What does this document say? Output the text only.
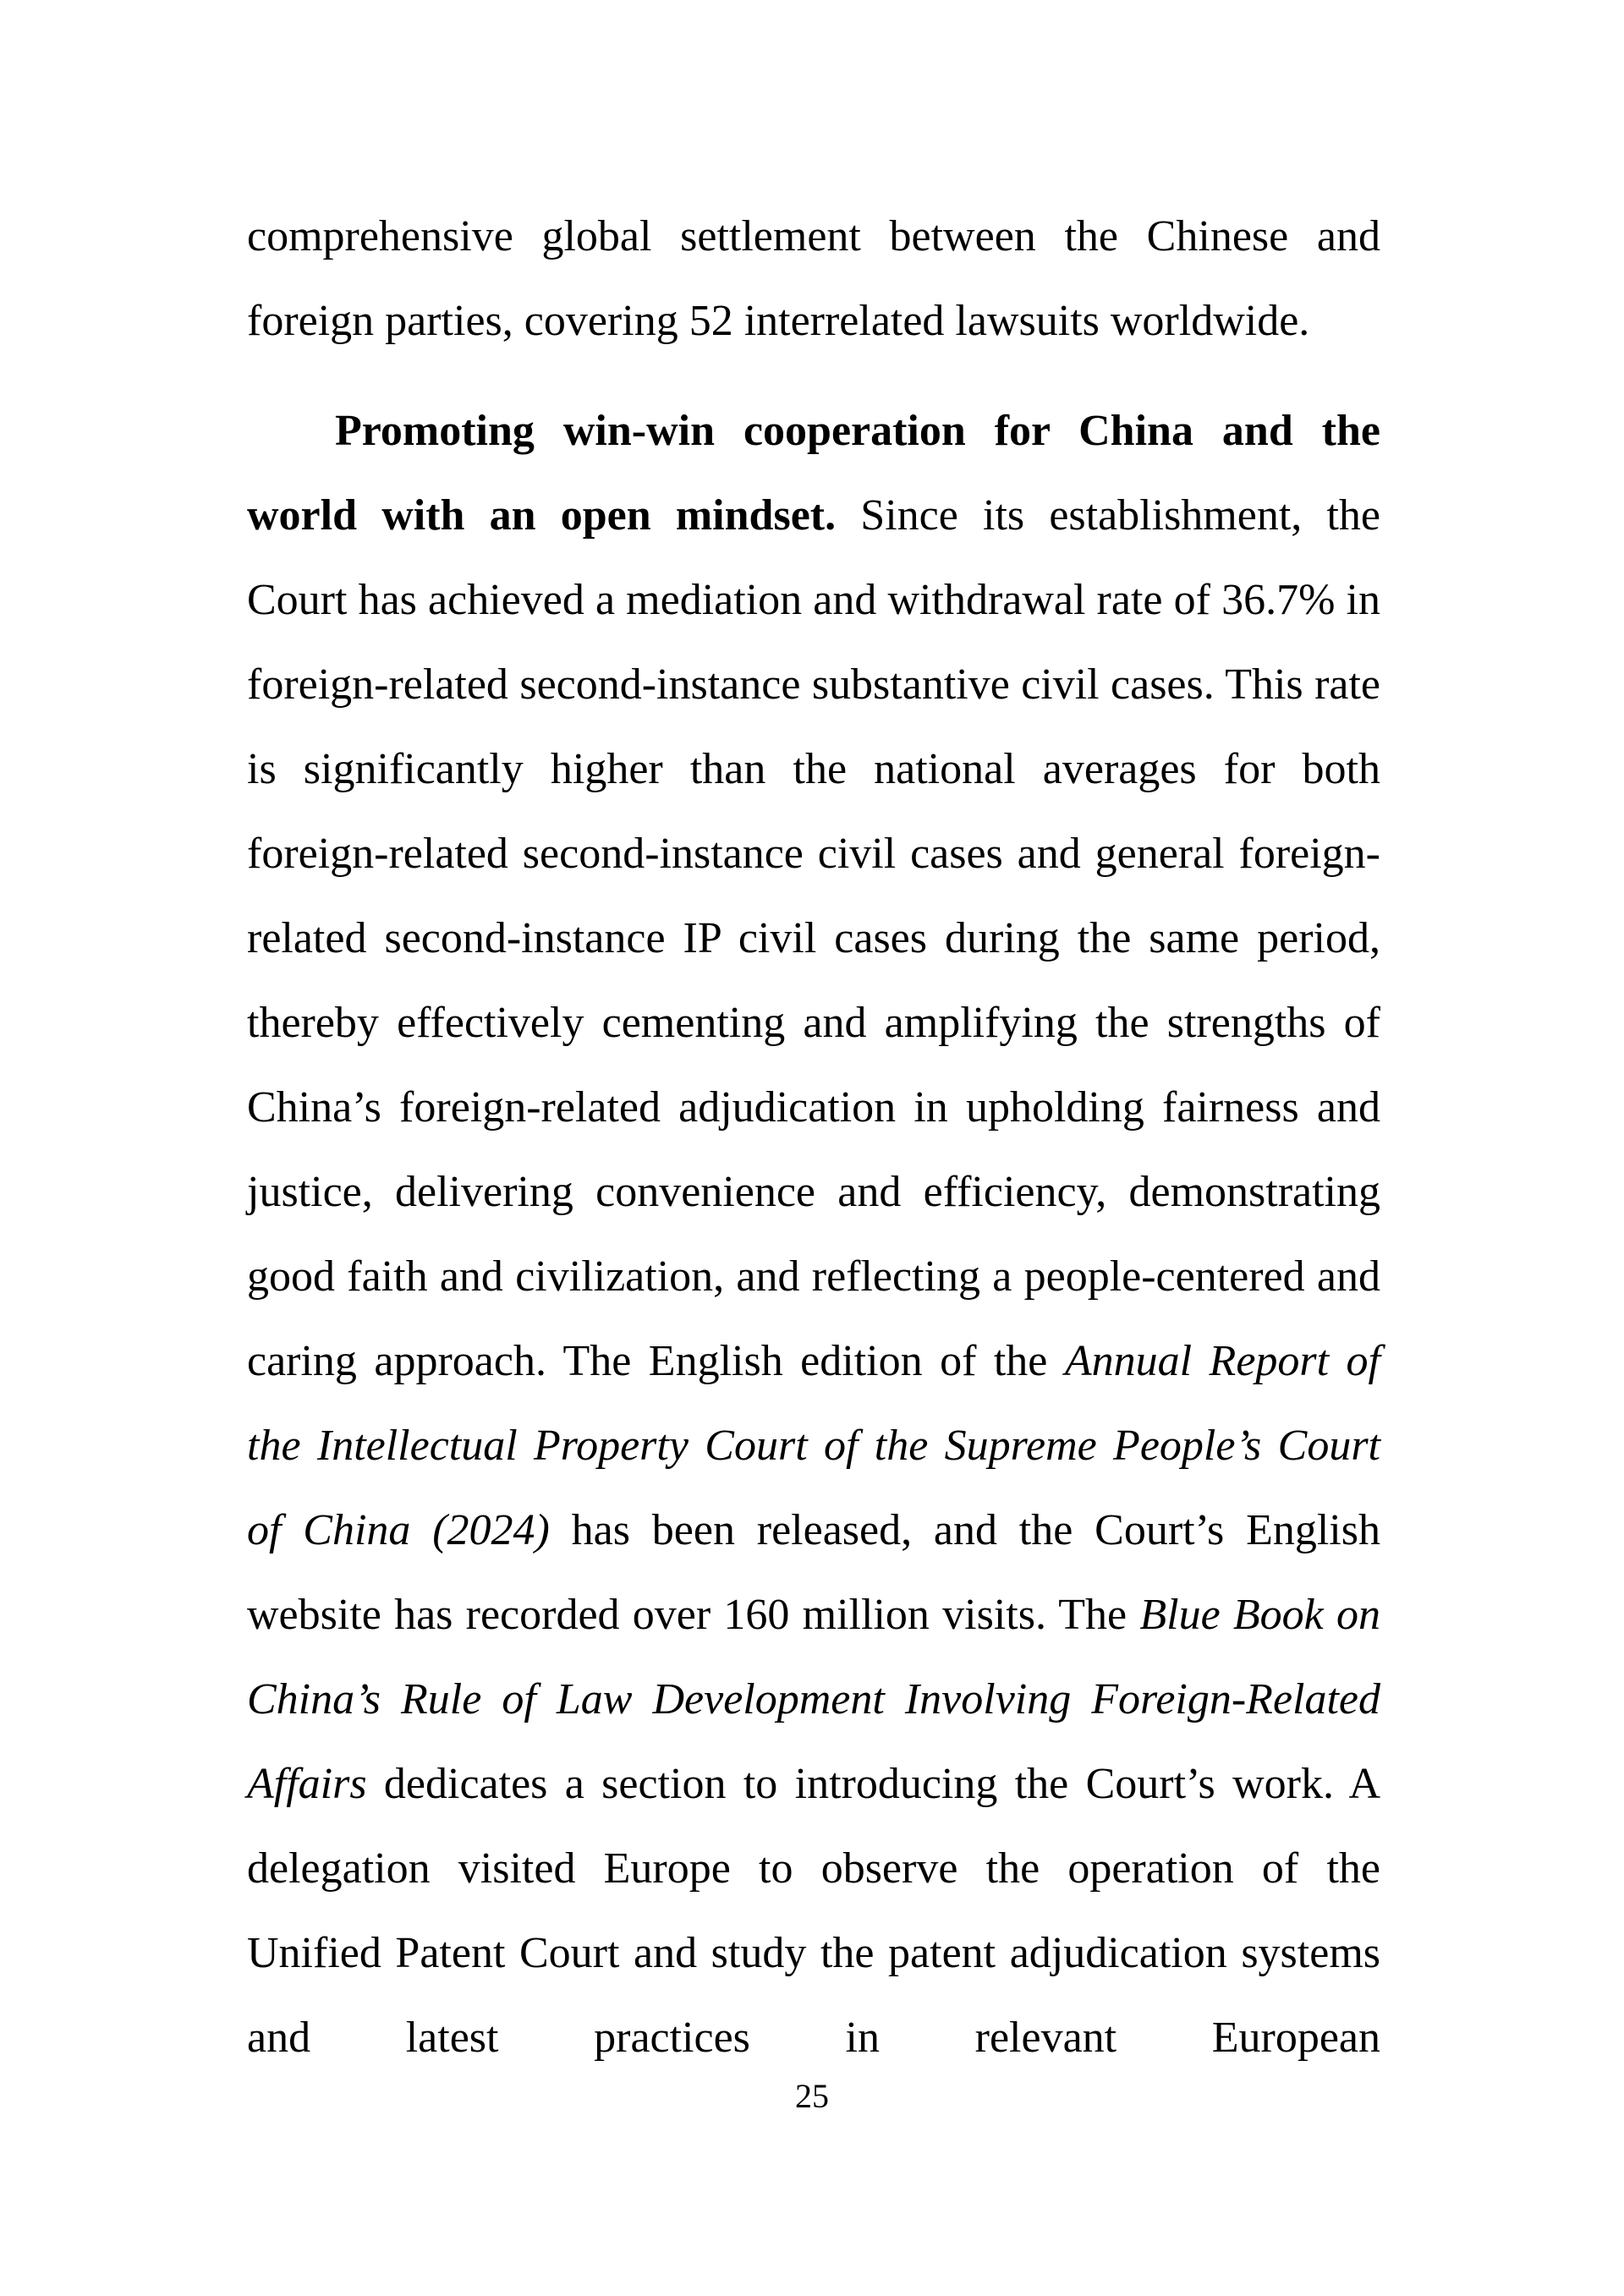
comprehensive global settlement between the Chinese and foreign parties, covering 52 interrelated lawsuits worldwide.

Promoting win-win cooperation for China and the world with an open mindset. Since its establishment, the Court has achieved a mediation and withdrawal rate of 36.7% in foreign-related second-instance substantive civil cases. This rate is significantly higher than the national averages for both foreign-related second-instance civil cases and general foreign-related second-instance IP civil cases during the same period, thereby effectively cementing and amplifying the strengths of China’s foreign-related adjudication in upholding fairness and justice, delivering convenience and efficiency, demonstrating good faith and civilization, and reflecting a people-centered and caring approach. The English edition of the Annual Report of the Intellectual Property Court of the Supreme People’s Court of China (2024) has been released, and the Court’s English website has recorded over 160 million visits. The Blue Book on China’s Rule of Law Development Involving Foreign-Related Affairs dedicates a section to introducing the Court’s work. A delegation visited Europe to observe the operation of the Unified Patent Court and study the patent adjudication systems and latest practices in relevant European

25
